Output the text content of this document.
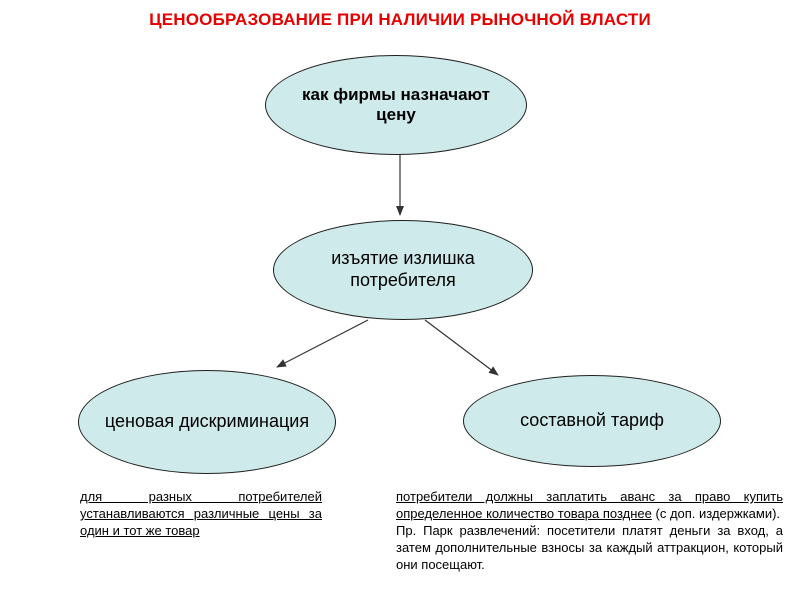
ЦЕНООБРАЗОВАНИЕ ПРИ НАЛИЧИИ РЫНОЧНОЙ ВЛАСТИ
как фирмы назначают цену
изъятие излишка потребителя
ценовая дискриминация	составной тариф

для разных потребителей устанавливаются различные цены за один и тот же товар

потребители должны заплатить аванс за право купить определенное количество товара позднее (с доп. издержками).

Пр. Парк развлечений: посетители платят деньги за вход, а затем дополнительные взносы за каждый аттракцион, который они посещают.
